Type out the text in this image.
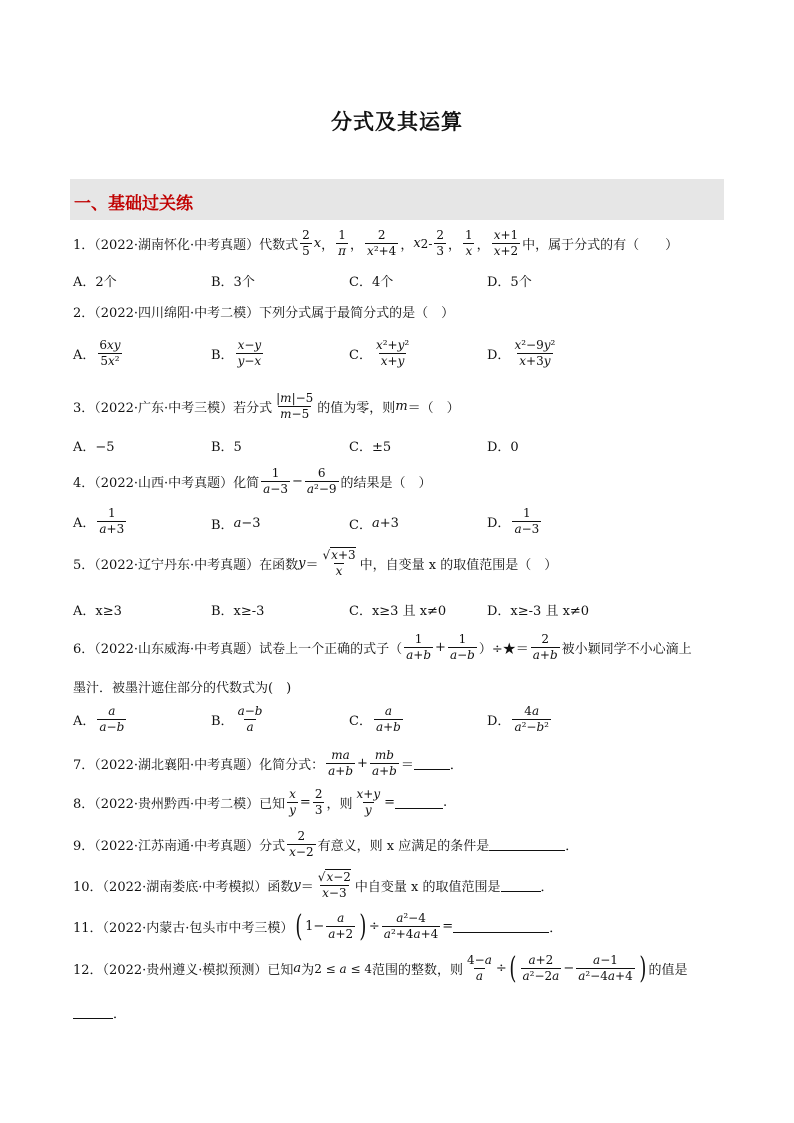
分式及其运算
一、基础过关练
1．（2022·湖南怀化·中考真题）代数式 $\frac{2}{5}$ x ， $\frac{1}{\pi}$ ， $\frac{2}{\text{x²+4}}$ ， x $2 - \frac{2}{3}$ ， $\frac{1}{x}$ ， $\frac{x+1}{x+2}$ 中，属于分式的有（　　）
A．2个	B．3个	C．4个	D．5个
2．（2022·四川绵阳·中考二模）下列分式属于最简分式的是（　）
A． $\frac{6xy}{\text{5x²}}$	B． $\frac{x-y}{y-x}$	C． $\frac{\text{x²+y²}}{x+y}$	D． $\frac{\text{x²−9y²}}{x+3y}$
3．（2022·广东·中考三模）若分式 $\frac{|m|-5}{m-5}$ 的值为零，则 m ＝（　）
A．−5	B．5	C．±5	D．0
4．（2022·山西·中考真题）化简 $\frac{1}{a-3} - \frac{6}{\text{a²−9}}$ 的结果是（　）
A． $\frac{1}{a+3}$	B． a −3	C． a +3	D． $\frac{1}{a-3}$
5．（2022·辽宁丹东·中考真题）在函数 $y = \frac{√x+3}{x}$ 中，自变量 x 的取值范围是（　）
A．x≥3	B．x≥-3	C．x≥3 且 x≠0	D．x≥-3 且 x≠0
6．（2022·山东威海·中考真题）试卷上一个正确的式子（ $\frac{1}{a+b} + \frac{1}{a-b}$ ）÷★＝ $\frac{2}{a+b}$ 被小颖同学不小心滴上
墨汁．被墨汁遮住部分的代数式为(　)
A． $\frac{a}{a-b}$	B． $\frac{a-b}{a}$	C． $\frac{a}{a+b}$	D． $\frac{4a}{\text{a²−b²}}$
7．（2022·湖北襄阳·中考真题）化简分式： $\frac{ma}{a+b} + \frac{mb}{a+b}$ ＝	．
8．（2022·贵州黔西·中考二模）已知 $\frac{x}{y} = \frac{2}{3}$ ，则 $\frac{x+y}{y}$ =	.
9．（2022·江苏南通·中考真题）分式 $\frac{2}{x-2}$ 有意义，则 x 应满足的条件是	．
10．（2022·湖南娄底·中考模拟）函数 $y = \frac{√x-2}{x-3}$ 中自变量 x 的取值范围是	．
11．（2022·内蒙古·包头市中考三模） ( $1- \frac{a}{a+2}$ ) ÷ $\frac{\text{a²−4}}{\text{a²+4a+4}}$ =	．
12．（2022·贵州遵义·模拟预测）已知 a 为 2 ≤ a ≤ 4 范围的整数，则 $\frac{4-a}{a}$ ÷ ( $\frac{a+2}{\text{a²−2a}} - \frac{a-1}{\text{a²−4a+4}}$ ) 的值是
．
